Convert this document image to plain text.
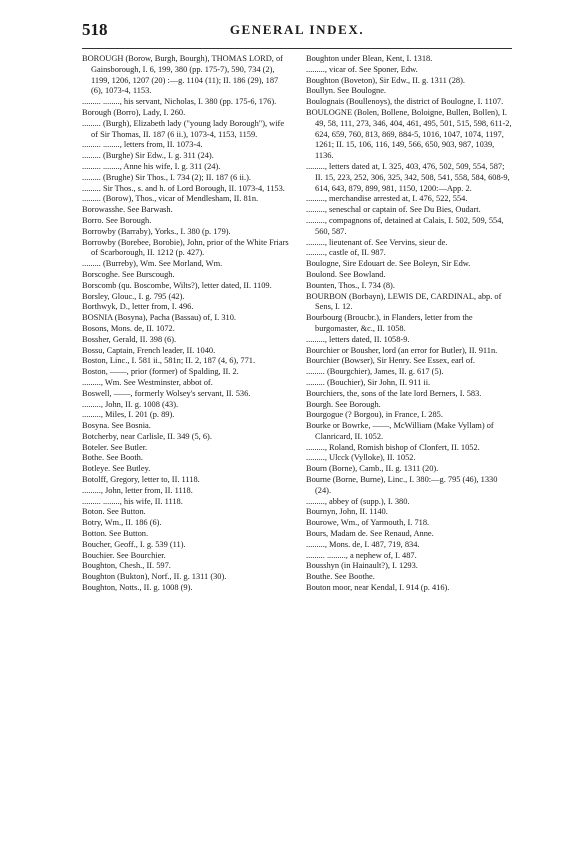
518	GENERAL INDEX.

BOROUGH (Borow, Burgh, Bourgh), THOMAS LORD, of Gainsborough, I. 6, 199, 380 (pp. 175-7), 590, 734 (2), 1199, 1206, 1207 (20) :—g. 1104 (11); II. 186 (29), 187 (6), 1073-4, 1153.

......... ........, his servant, Nicholas, I. 380 (pp. 175-6, 176).

Borough (Borro), Lady, I. 260.

......... (Burgh), Elizabeth lady ("young lady Borough"), wife of Sir Thomas, II. 187 (6 ii.), 1073-4, 1153, 1159.

......... ........, letters from, II. 1073-4.

......... (Burghe) Sir Edw., I. g. 311 (24).

......... ........, Anne his wife, I. g. 311 (24).

......... (Brughe) Sir Thos., I. 734 (2); II. 187 (6 ii.).

......... Sir Thos., s. and h. of Lord Borough, II. 1073-4, 1153.

......... (Borow), Thos., vicar of Mendlesham, II. 81n.

Borowasshe. See Barwash.

Borro. See Borough.

Borrowby (Barraby), Yorks., I. 380 (p. 179).

Borrowby (Borebee, Borobie), John, prior of the White Friars of Scarborough, II. 1212 (p. 427).

......... (Burreby), Wm. See Morland, Wm.

Borscoghe. See Burscough.

Borscomb (qu. Boscombe, Wilts?), letter dated, II. 1109.

Borsley, Glouc., I. g. 795 (42).

Borthwyk, D., letter from, I. 496.

BOSNIA (Bosyna), Pacha (Bassau) of, I. 310.

Bosons, Mons. de, II. 1072.

Bossher, Gerald, II. 398 (6).

Bossu, Captain, French leader, II. 1040.

Boston, Linc., I. 581 ii., 581n; II. 2, 187 (4, 6), 771.

Boston, ——, prior (former) of Spalding, II. 2.

........., Wm. See Westminster, abbot of.

Boswell, ——, formerly Wolsey's servant, II. 536.

........., John, II. g. 1008 (43).

........., Miles, I. 201 (p. 89).

Bosyna. See Bosnia.

Botcherby, near Carlisle, II. 349 (5, 6).

Boteler. See Butler.

Bothe. See Booth.

Botleye. See Butley.

Botolff, Gregory, letter to, II. 1118.

........., John, letter from, II. 1118.

......... ........, his wife, II. 1118.

Boton. See Button.

Botry, Wm., II. 186 (6).

Botton. See Button.

Boucher, Geoff., I. g. 539 (11).

Bouchier. See Bourchier.

Boughton, Chesh., II. 597.

Boughton (Bukton), Norf., II. g. 1311 (30).

Boughton, Notts., II. g. 1008 (9).

Boughton under Blean, Kent, I. 1318.

........., vicar of. See Sponer, Edw.

Boughton (Boveton), Sir Edw., II. g. 1311 (28).

Boullyn. See Boulogne.

Boulognais (Boullenoys), the district of Boulogne, I. 1107.

BOULOGNE (Bolen, Bollene, Boloigne, Bullen, Bollen), I. 49, 58, 111, 273, 346, 404, 461, 495, 501, 515, 598, 611-2, 624, 659, 760, 813, 869, 884-5, 1016, 1047, 1074, 1197, 1261; II. 15, 106, 116, 149, 566, 650, 903, 987, 1039, 1136.

........., letters dated at, I. 325, 403, 476, 502, 509, 554, 587; II. 15, 223, 252, 306, 325, 342, 508, 541, 558, 584, 608-9, 614, 643, 879, 899, 981, 1150, 1200:—App. 2.

........., merchandise arrested at, I. 476, 522, 554.

........., seneschal or captain of. See Du Bies, Oudart.

........., compagnons of, detained at Calais, I. 502, 509, 554, 560, 587.

........., lieutenant of. See Vervins, sieur de.

........., castle of, II. 987.

Boulogne, Sire Edouart de. See Boleyn, Sir Edw.

Boulond. See Bowland.

Bounten, Thos., I. 734 (8).

BOURBON (Borbayn), LEWIS DE, CARDINAL, abp. of Sens, I. 12.

Bourbourg (Broucbr.), in Flanders, letter from the burgomaster, &c., II. 1058.

........., letters dated, II. 1058-9.

Bourchier or Bousher, lord (an error for Butler), II. 911n.

Bourchier (Bowser), Sir Henry. See Essex, earl of.

......... (Bourgchier), James, II. g. 617 (5).

......... (Bouchier), Sir John, II. 911 ii.

Bourchiers, the, sons of the late lord Berners, I. 583.

Bourgh. See Borough.

Bourgogue (? Borgou), in France, I. 285.

Bourke or Bowrke, ——, McWilliam (Make Vyllam) of Clanricard, II. 1052.

........., Roland, Romish bishop of Clonfert, II. 1052.

........., Ulcck (Vylloke), II. 1052.

Bourn (Borne), Camb., II. g. 1311 (20).

Bourne (Borne, Burne), Linc., I. 380:—g. 795 (46), 1330 (24).

........., abbey of (supp.), I. 380.

Bournyn, John, II. 1140.

Bourowe, Wm., of Yarmouth, I. 718.

Bours, Madam de. See Renaud, Anne.

........., Mons. de, I. 487, 719, 834.

......... ........., a nephew of, I. 487.

Bousshyn (in Hainault?), I. 1293.

Bouthe. See Boothe.

Bouton moor, near Kendal, I. 914 (p. 416).
